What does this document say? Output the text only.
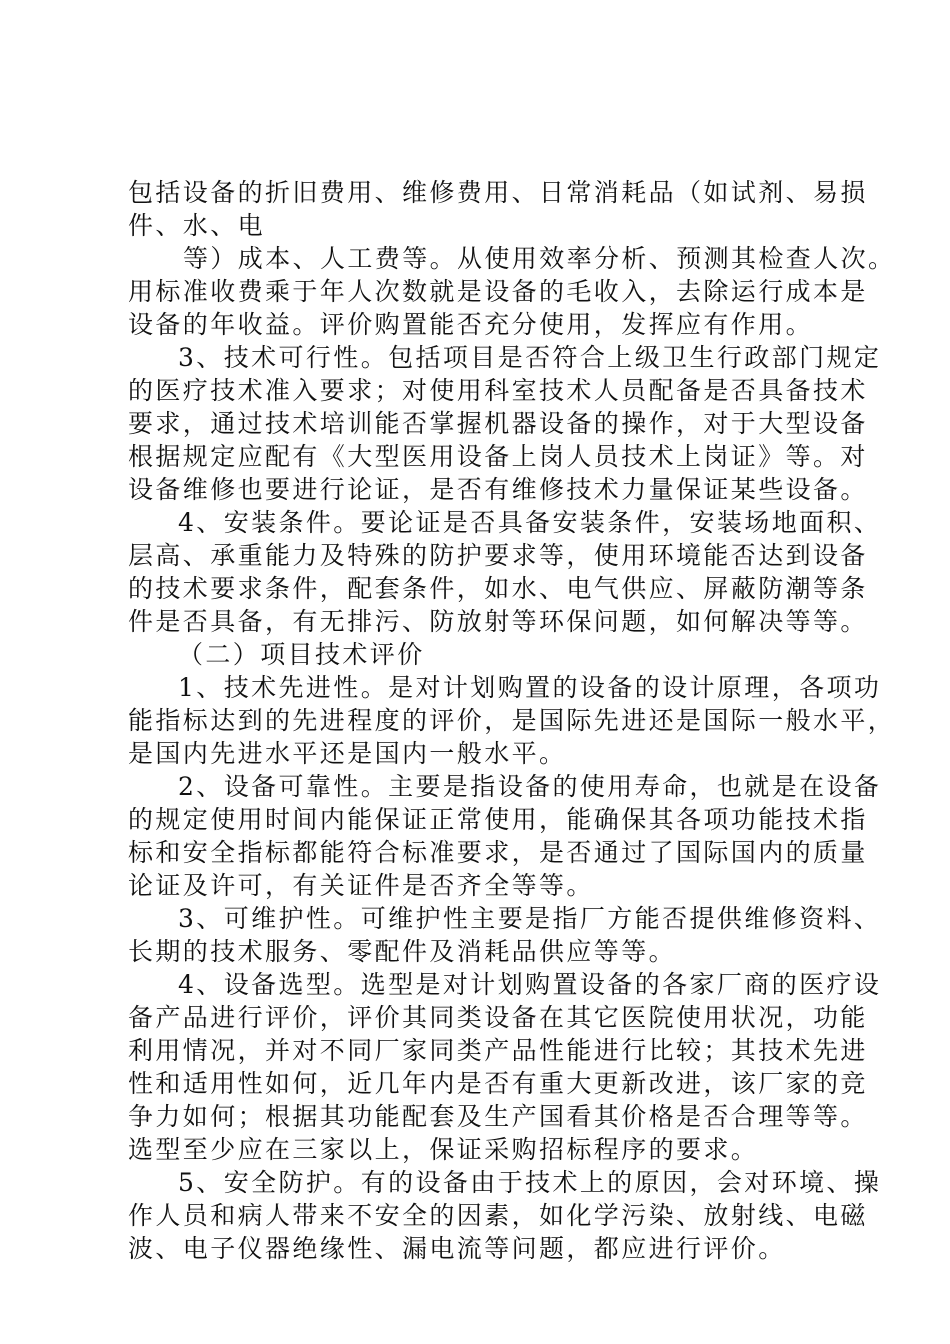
包括设备的折旧费用、维修费用、日常消耗品（如试剂、易损
件、水、电
等）成本、人工费等。从使用效率分析、预测其检查人次。
用标准收费乘于年人次数就是设备的毛收入，去除运行成本是
设备的年收益。评价购置能否充分使用，发挥应有作用。
3、技术可行性。包括项目是否符合上级卫生行政部门规定
的医疗技术准入要求；对使用科室技术人员配备是否具备技术
要求，通过技术培训能否掌握机器设备的操作，对于大型设备
根据规定应配有《大型医用设备上岗人员技术上岗证》等。对
设备维修也要进行论证，是否有维修技术力量保证某些设备。
4、安装条件。要论证是否具备安装条件，安装场地面积、
层高、承重能力及特殊的防护要求等，使用环境能否达到设备
的技术要求条件，配套条件，如水、电气供应、屏蔽防潮等条
件是否具备，有无排污、防放射等环保问题，如何解决等等。
（二）项目技术评价
1、技术先进性。是对计划购置的设备的设计原理，各项功
能指标达到的先进程度的评价，是国际先进还是国际一般水平，
是国内先进水平还是国内一般水平。
2、设备可靠性。主要是指设备的使用寿命，也就是在设备
的规定使用时间内能保证正常使用，能确保其各项功能技术指
标和安全指标都能符合标准要求，是否通过了国际国内的质量
论证及许可，有关证件是否齐全等等。
3、可维护性。可维护性主要是指厂方能否提供维修资料、
长期的技术服务、零配件及消耗品供应等等。
4、设备选型。选型是对计划购置设备的各家厂商的医疗设
备产品进行评价，评价其同类设备在其它医院使用状况，功能
利用情况，并对不同厂家同类产品性能进行比较；其技术先进
性和适用性如何，近几年内是否有重大更新改进，该厂家的竞
争力如何；根据其功能配套及生产国看其价格是否合理等等。
选型至少应在三家以上，保证采购招标程序的要求。
5、安全防护。有的设备由于技术上的原因，会对环境、操
作人员和病人带来不安全的因素，如化学污染、放射线、电磁
波、电子仪器绝缘性、漏电流等问题，都应进行评价。
